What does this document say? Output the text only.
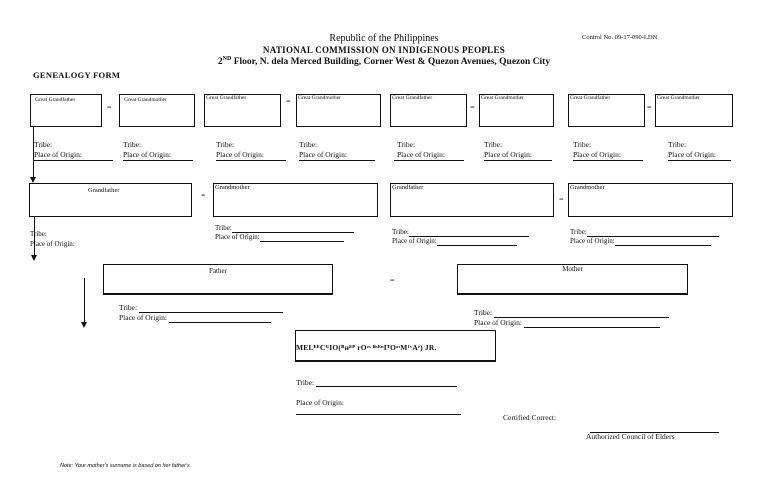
Republic of the Philippines
NATIONAL COMMISSION ON INDIGENOUS PEOPLES
2ND Floor, N. dela Merced Building, Corner West & Quezon Avenues, Quezon City
Control No. 09-17-090-LDN
GENEALOGY FORM
Great Grandfather
=
Great Grandmother	Great Grandfather	= Great Grandmother	Great Grandfather
=
Great Grandmother	Great Grandfather
=
Great Grandmother
Tribe:
Place of Origin:
Tribe:
Place of Origin:
Tribe:
Place of Origin:
Tribe:
Place of Origin:
Tribe:
Place of Origin:
Tribe:
Place of Origin:
Tribe:
Place of Origin:
Tribe:
Place of Origin:
Grandfather
=
Grandmother	Grandfather
=
Grandmother
Tribe:
Place of Origin:
Tribe:
Place of Origin:
Tribe:
Place of Origin:
Tribe:
Place of Origin:
Father
=
Mother
Tribe:
Place of Origin:
Tribe:
Place of Origin:
MELᴱᴱCᴳIO(ᴿʜᴱᴾ rOᵉˢ ᴮˢᴱⁿIᵀOᵃᵗM¹ᵛAᵉ) JR.
Tribe:
Place of Origin:
Certified Correct:
Authorized Council of Elders
Note: Your mother's surname is based on her father's
